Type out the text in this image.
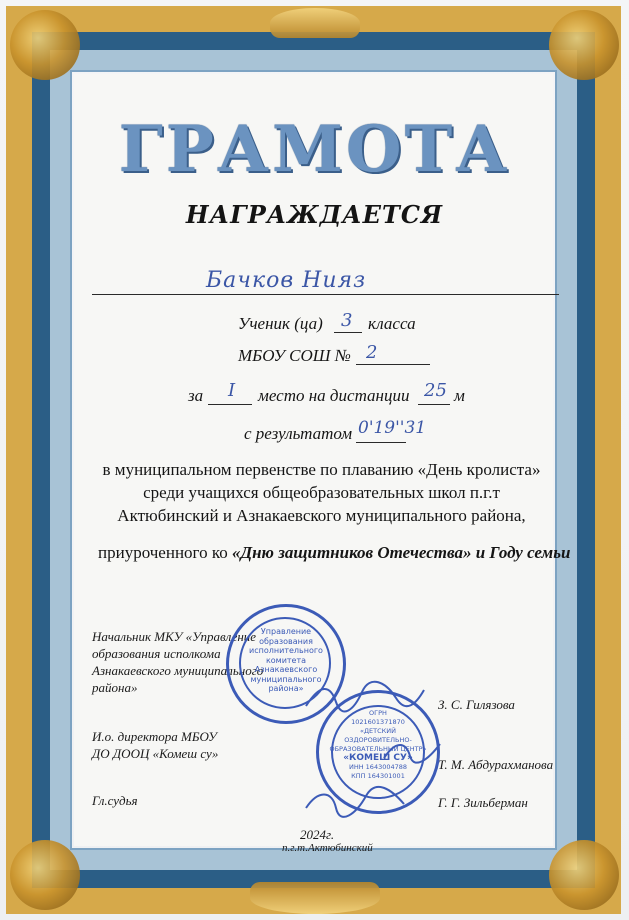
ГРАМОТА
НАГРАЖДАЕТСЯ
Бачков Нияз
Ученик (ца) 3 класса
МБОУ СОШ № 2
за I место на дистанции 25 м
с результатом 0'19''31
в муниципальном первенстве по плаванию «День кролиста»
среди учащихся общеобразовательных школ п.г.т
Актюбинский и Азнакаевского муниципального района,
приуроченного ко «Дню защитников Отечества» и Году семьи
Начальник МКУ «Управление
образования исполкома
Азнакаевского муниципального
района»
З. С. Гилязова
И.о. директора МБОУ
ДО ДООЦ «Комеш су»
Т. М. Абдурахманова
Гл.судья	Г. Г. Зильберман
2024г.
п.г.т.Актюбинский
Управление
образования
исполнительного
комитета
Азнакаевского
муниципального
района»
ОГРН
1021601371870
«ДЕТСКИЙ
ОЗДОРОВИТЕЛЬНО-
ОБРАЗОВАТЕЛЬНЫЙ ЦЕНТР»
«КОМЕШ СУ»
ИНН 1643004788
КПП 164301001
